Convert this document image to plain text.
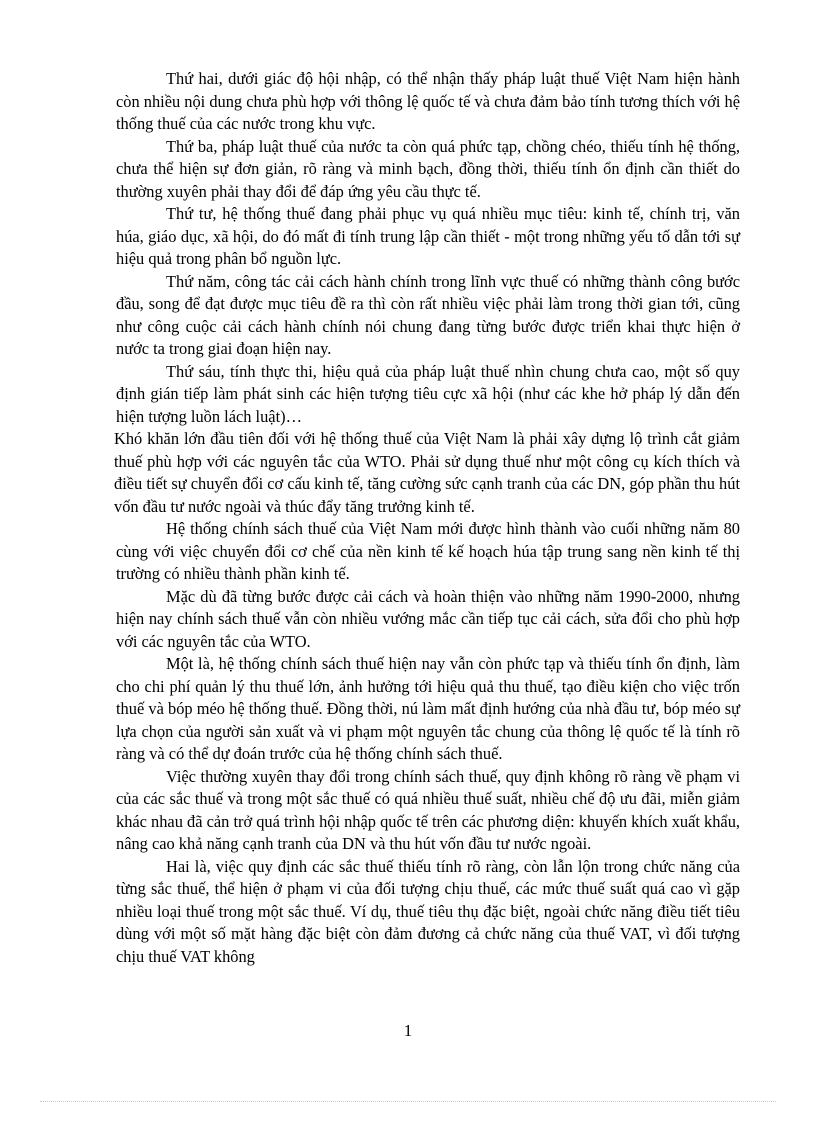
Thứ hai, dưới giác độ hội nhập, có thể nhận thấy pháp luật thuế Việt Nam hiện hành còn nhiều nội dung chưa phù hợp với thông lệ quốc tế và chưa đảm bảo tính tương thích với hệ thống thuế của các nước trong khu vực.

Thứ ba, pháp luật thuế của nước ta còn quá phức tạp, chồng chéo, thiếu tính hệ thống, chưa thể hiện sự đơn giản, rõ ràng và minh bạch, đồng thời, thiếu tính ổn định cần thiết do thường xuyên phải thay đổi để đáp ứng yêu cầu thực tế.

Thứ tư, hệ thống thuế đang phải phục vụ quá nhiều mục tiêu: kinh tế, chính trị, văn húa, giáo dục, xã hội, do đó mất đi tính trung lập cần thiết - một trong những yếu tố dẫn tới sự hiệu quả trong phân bổ nguồn lực.

Thứ năm, công tác cải cách hành chính trong lĩnh vực thuế có những thành công bước đầu, song để đạt được mục tiêu đề ra thì còn rất nhiều việc phải làm trong thời gian tới, cũng như công cuộc cải cách hành chính nói chung đang từng bước được triển khai thực hiện ở nước ta trong giai đoạn hiện nay.

Thứ sáu, tính thực thi, hiệu quả của pháp luật thuế nhìn chung chưa cao, một số quy định gián tiếp làm phát sinh các hiện tượng tiêu cực xã hội (như các khe hở pháp lý dẫn đến hiện tượng luồn lách luật)…

Khó khăn lớn đầu tiên đối với hệ thống thuế của Việt Nam là phải xây dựng lộ trình cắt giảm thuế phù hợp với các nguyên tắc của WTO. Phải sử dụng thuế như một công cụ kích thích và điều tiết sự chuyển đổi cơ cấu kinh tế, tăng cường sức cạnh tranh của các DN, góp phần thu hút vốn đầu tư nước ngoài và thúc đẩy tăng trưởng kinh tế.

Hệ thống chính sách thuế của Việt Nam mới được hình thành vào cuối những năm 80 cùng với việc chuyển đổi cơ chế của nền kinh tế kế hoạch húa tập trung sang nền kinh tế thị trường có nhiều thành phần kinh tế.

Mặc dù đã từng bước được cải cách và hoàn thiện vào những năm 1990-2000, nhưng hiện nay chính sách thuế vẫn còn nhiều vướng mắc cần tiếp tục cải cách, sửa đổi cho phù hợp với các nguyên tắc của WTO.

Một là, hệ thống chính sách thuế hiện nay vẫn còn phức tạp và thiếu tính ổn định, làm cho chi phí quản lý thu thuế lớn, ảnh hưởng tới hiệu quả thu thuế, tạo điều kiện cho việc trốn thuế và bóp méo hệ thống thuế. Đồng thời, nú làm mất định hướng của nhà đầu tư, bóp méo sự lựa chọn của người sản xuất và vi phạm một nguyên tắc chung của thông lệ quốc tế là tính rõ ràng và có thể dự đoán trước của hệ thống chính sách thuế.

Việc thường xuyên thay đổi trong chính sách thuế, quy định không rõ ràng về phạm vi của các sắc thuế và trong một sắc thuế có quá nhiều thuế suất, nhiều chế độ ưu đãi, miễn giảm khác nhau đã cản trở quá trình hội nhập quốc tế trên các phương diện: khuyến khích xuất khẩu, nâng cao khả năng cạnh tranh của DN và thu hút vốn đầu tư nước ngoài.

Hai là, việc quy định các sắc thuế thiếu tính rõ ràng, còn lẫn lộn trong chức năng của từng sắc thuế, thể hiện ở phạm vi của đối tượng chịu thuế, các mức thuế suất quá cao vì gặp nhiều loại thuế trong một sắc thuế. Ví dụ, thuế tiêu thụ đặc biệt, ngoài chức năng điều tiết tiêu dùng với một số mặt hàng đặc biệt còn đảm đương cả chức năng của thuế VAT, vì đối tượng chịu thuế VAT không

1
